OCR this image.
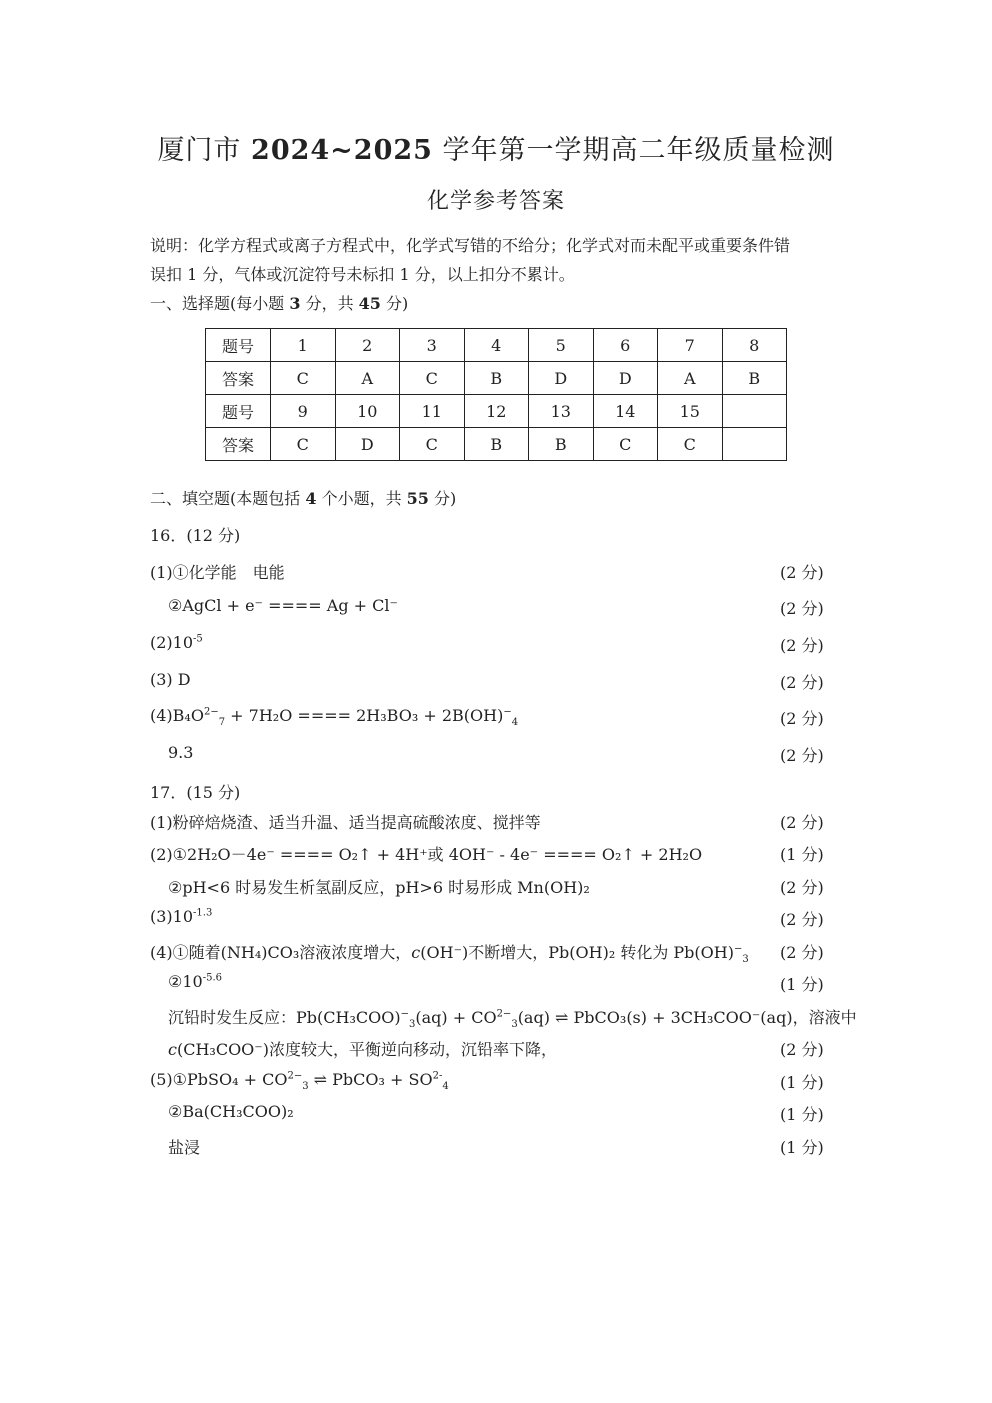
厦门市 2024~2025 学年第一学期高二年级质量检测
化学参考答案
说明：化学方程式或离子方程式中，化学式写错的不给分；化学式对而未配平或重要条件错
误扣 1 分，气体或沉淀符号未标扣 1 分，以上扣分不累计。
一、选择题(每小题 3 分，共 45 分)
题号	1	2	3	4	5	6	7	8
答案	C	A	C	B	D	D	A	B
题号	9	10	11	12	13	14	15	
答案	C	D	C	B	B	C	C	
二、填空题(本题包括 4 个小题，共 55 分)
16．(12 分)
(1)①化学能　电能	(2 分)
②AgCl + e⁻ ==== Ag + Cl⁻	(2 分)
$(2)10^{-5}$	(2 分)
(3) D	(2 分)
$(4)B_4O^{2-}_7 + 7H_2O$ ==== $2H_3BO_3 + 2B(OH)^-_4$	(2 分)
9.3	(2 分)
17．(15 分)
(1)粉碎焙烧渣、适当升温、适当提高硫酸浓度、搅拌等	(2 分)
(2)①2H₂O－4e⁻ ==== O₂↑ + 4H⁺或 4OH⁻ - 4e⁻ ==== O₂↑ + 2H₂O	(1 分)
②pH<6 时易发生析氢副反应，pH>6 时易形成 Mn(OH)₂	(2 分)
$(3)10^{-1.3}$	(2 分)
(4)①随着(NH₄)CO₃溶液浓度增大，c(OH⁻)不断增大，Pb(OH)₂ 转化为 $Pb(OH)^-_3$ (2 分)
$②10^{-5.6}$	(1 分)
沉铅时发生反应：$Pb(CH_3COO)^-_3(aq) + CO^{2-}_3(aq)$ ⇌ PbCO₃(s) + 3CH₃COO⁻(aq)，溶液中
c(CH₃COO⁻)浓度较大，平衡逆向移动，沉铅率下降，	(2 分)
(5)①PbSO₄ + $CO^{2-}_3$ ⇌ PbCO₃ + $SO^{2-}_4$	(1 分)
②Ba(CH₃COO)₂	(1 分)
盐浸	(1 分)
